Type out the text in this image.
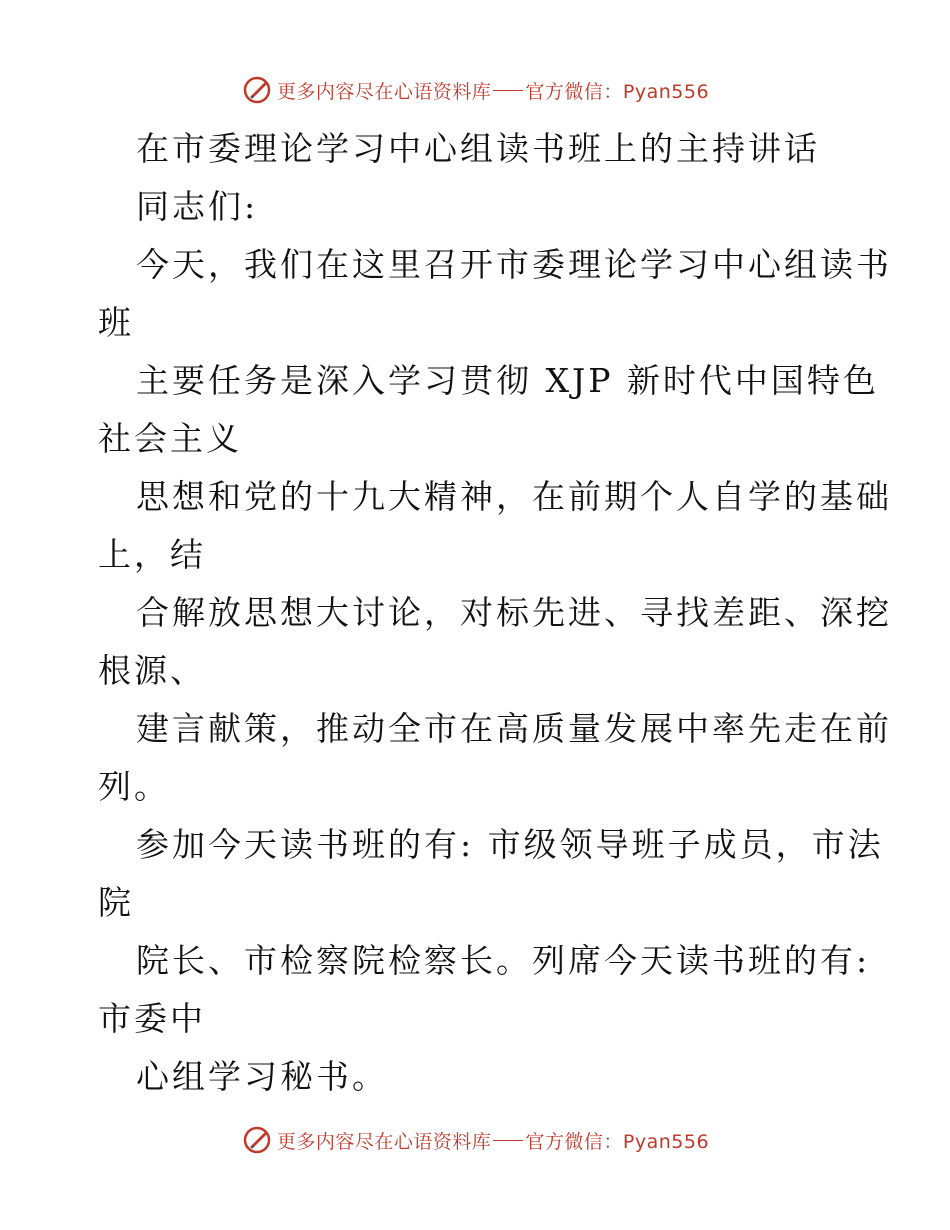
更多内容尽在心语资料库 官方微信：Pyan556
在市委理论学习中心组读书班上的主持讲话
同志们:
今天，我们在这里召开市委理论学习中心组读书
班
主要任务是深入学习贯彻 XJP 新时代中国特色
社会主义
思想和党的十九大精神，在前期个人自学的基础
上，结
合解放思想大讨论，对标先进、寻找差距、深挖
根源、
建言献策，推动全市在高质量发展中率先走在前
列。
参加今天读书班的有: 市级领导班子成员，市法
院
院长、市检察院检察长。列席今天读书班的有:
市委中
心组学习秘书。
更多内容尽在心语资料库 官方微信：Pyan556
